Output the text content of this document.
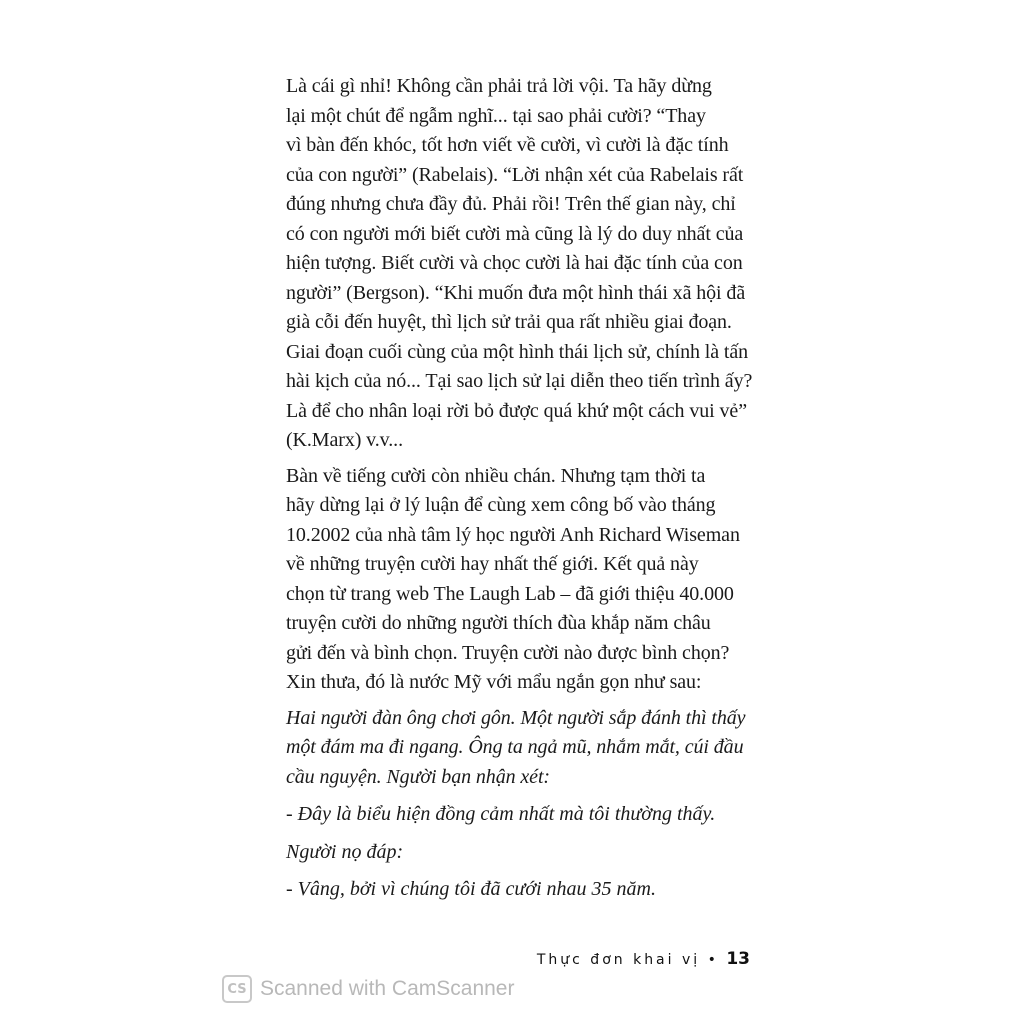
Là cái gì nhỉ! Không cần phải trả lời vội. Ta hãy dừng
lại một chút để ngẫm nghĩ... tại sao phải cười? “Thay
vì bàn đến khóc, tốt hơn viết về cười, vì cười là đặc tính
của con người” (Rabelais). “Lời nhận xét của Rabelais rất
đúng nhưng chưa đầy đủ. Phải rồi! Trên thế gian này, chỉ
có con người mới biết cười mà cũng là lý do duy nhất của
hiện tượng. Biết cười và chọc cười là hai đặc tính của con
người” (Bergson). “Khi muốn đưa một hình thái xã hội đã
già cỗi đến huyệt, thì lịch sử trải qua rất nhiều giai đoạn.
Giai đoạn cuối cùng của một hình thái lịch sử, chính là tấn
hài kịch của nó... Tại sao lịch sử lại diễn theo tiến trình ấy?
Là để cho nhân loại rời bỏ được quá khứ một cách vui vẻ”
(K.Marx) v.v...

Bàn về tiếng cười còn nhiều chán. Nhưng tạm thời ta
hãy dừng lại ở lý luận để cùng xem công bố vào tháng
10.2002 của nhà tâm lý học người Anh Richard Wiseman
về những truyện cười hay nhất thế giới. Kết quả này
chọn từ trang web The Laugh Lab – đã giới thiệu 40.000
truyện cười do những người thích đùa khắp năm châu
gửi đến và bình chọn. Truyện cười nào được bình chọn?
Xin thưa, đó là nước Mỹ với mẩu ngắn gọn như sau:

Hai người đàn ông chơi gôn. Một người sắp đánh thì thấy
một đám ma đi ngang. Ông ta ngả mũ, nhắm mắt, cúi đầu
cầu nguyện. Người bạn nhận xét:

- Đây là biểu hiện đồng cảm nhất mà tôi thường thấy.
Người nọ đáp:
- Vâng, bởi vì chúng tôi đã cưới nhau 35 năm.
Thực đơn khai vị • 13
CS Scanned with CamScanner
